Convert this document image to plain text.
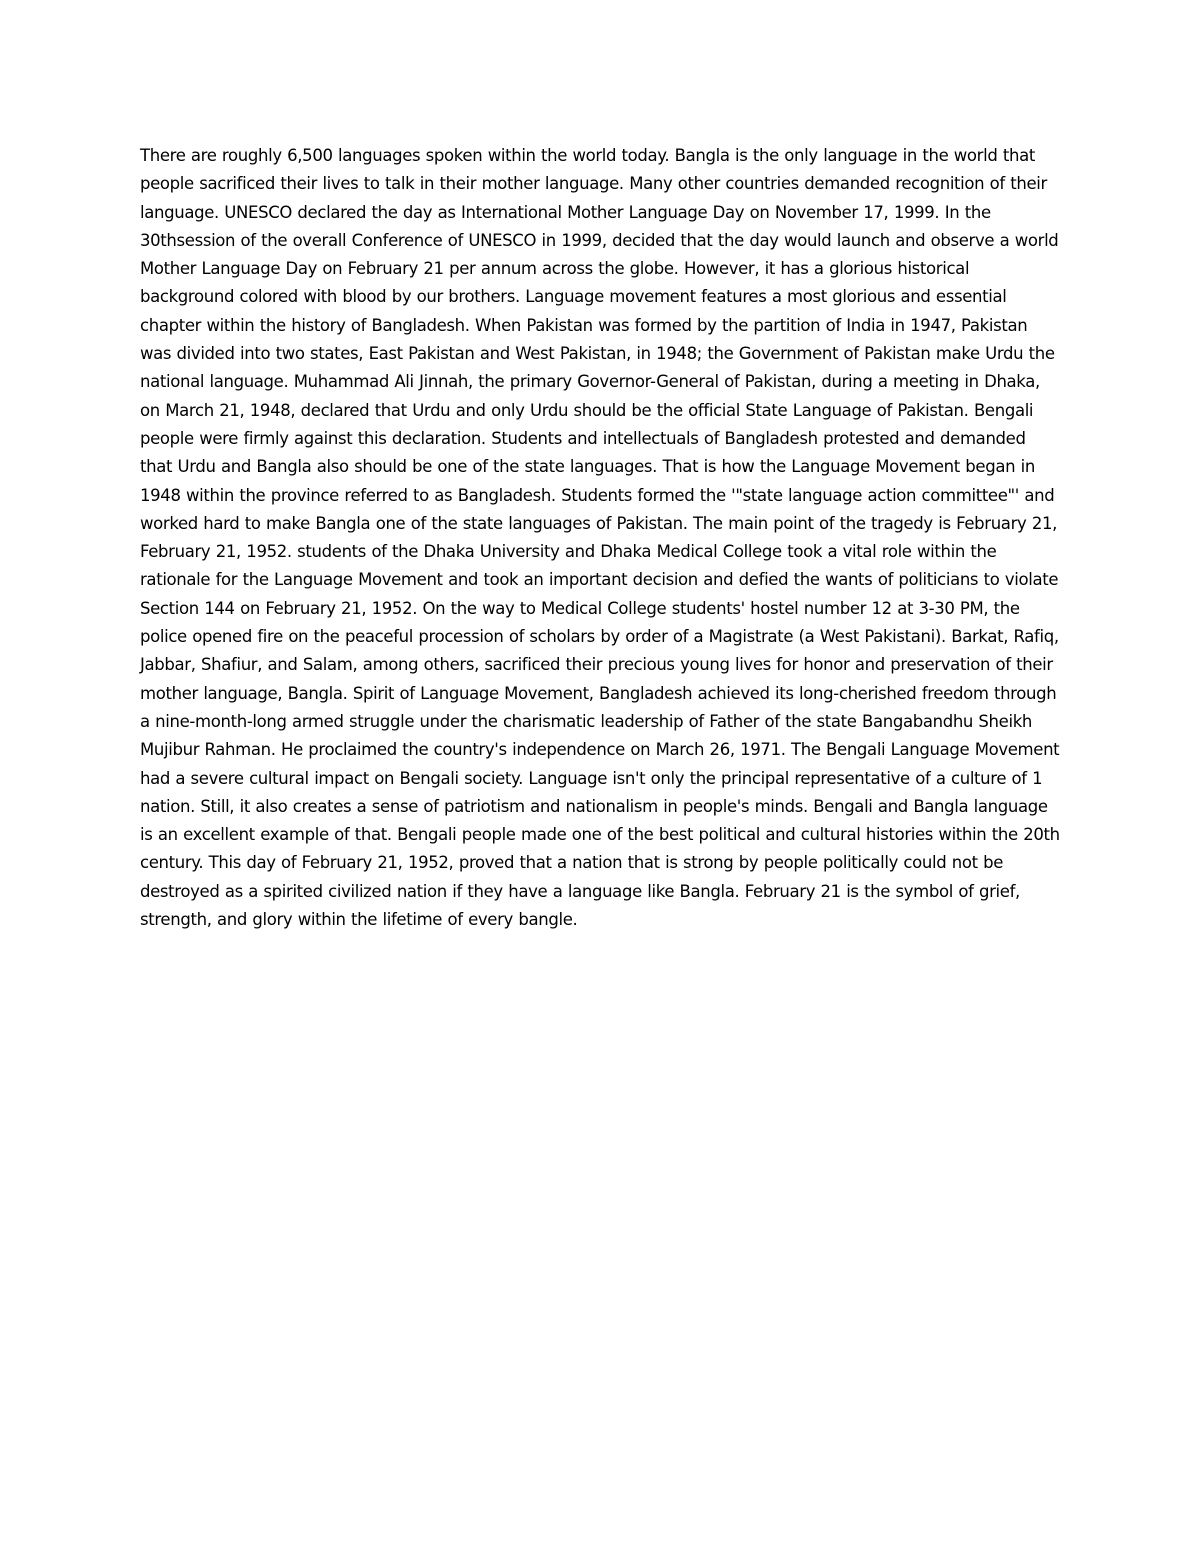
There are roughly 6,500 languages spoken within the world today. Bangla is the only language in the world that people sacrificed their lives to talk in their mother language. Many other countries demanded recognition of their language. UNESCO declared the day as International Mother Language Day on November 17, 1999. In the 30thsession of the overall Conference of UNESCO in 1999, decided that the day would launch and observe a world Mother Language Day on February 21 per annum across the globe. However, it has a glorious historical background colored with blood by our brothers. Language movement features a most glorious and essential chapter within the history of Bangladesh. When Pakistan was formed by the partition of India in 1947, Pakistan was divided into two states, East Pakistan and West Pakistan, in 1948; the Government of Pakistan make Urdu the national language. Muhammad Ali Jinnah, the primary Governor-General of Pakistan, during a meeting in Dhaka, on March 21, 1948, declared that Urdu and only Urdu should be the official State Language of Pakistan. Bengali people were firmly against this declaration. Students and intellectuals of Bangladesh protested and demanded that Urdu and Bangla also should be one of the state languages. That is how the Language Movement began in 1948 within the province referred to as Bangladesh. Students formed the '"state language action committee"' and worked hard to make Bangla one of the state languages of Pakistan. The main point of the tragedy is February 21, February 21, 1952. students of the Dhaka University and Dhaka Medical College took a vital role within the rationale for the Language Movement and took an important decision and defied the wants of politicians to violate Section 144 on February 21, 1952. On the way to Medical College students' hostel number 12 at 3-30 PM, the police opened fire on the peaceful procession of scholars by order of a Magistrate (a West Pakistani). Barkat, Rafiq, Jabbar, Shafiur, and Salam, among others, sacrificed their precious young lives for honor and preservation of their mother language, Bangla. Spirit of Language Movement, Bangladesh achieved its long-cherished freedom through a nine-month-long armed struggle under the charismatic leadership of Father of the state Bangabandhu Sheikh Mujibur Rahman. He proclaimed the country's independence on March 26, 1971. The Bengali Language Movement had a severe cultural impact on Bengali society. Language isn't only the principal representative of a culture of 1 nation. Still, it also creates a sense of patriotism and nationalism in people's minds. Bengali and Bangla language is an excellent example of that. Bengali people made one of the best political and cultural histories within the 20th century. This day of February 21, 1952, proved that a nation that is strong by people politically could not be destroyed as a spirited civilized nation if they have a language like Bangla. February 21 is the symbol of grief, strength, and glory within the lifetime of every bangle.
